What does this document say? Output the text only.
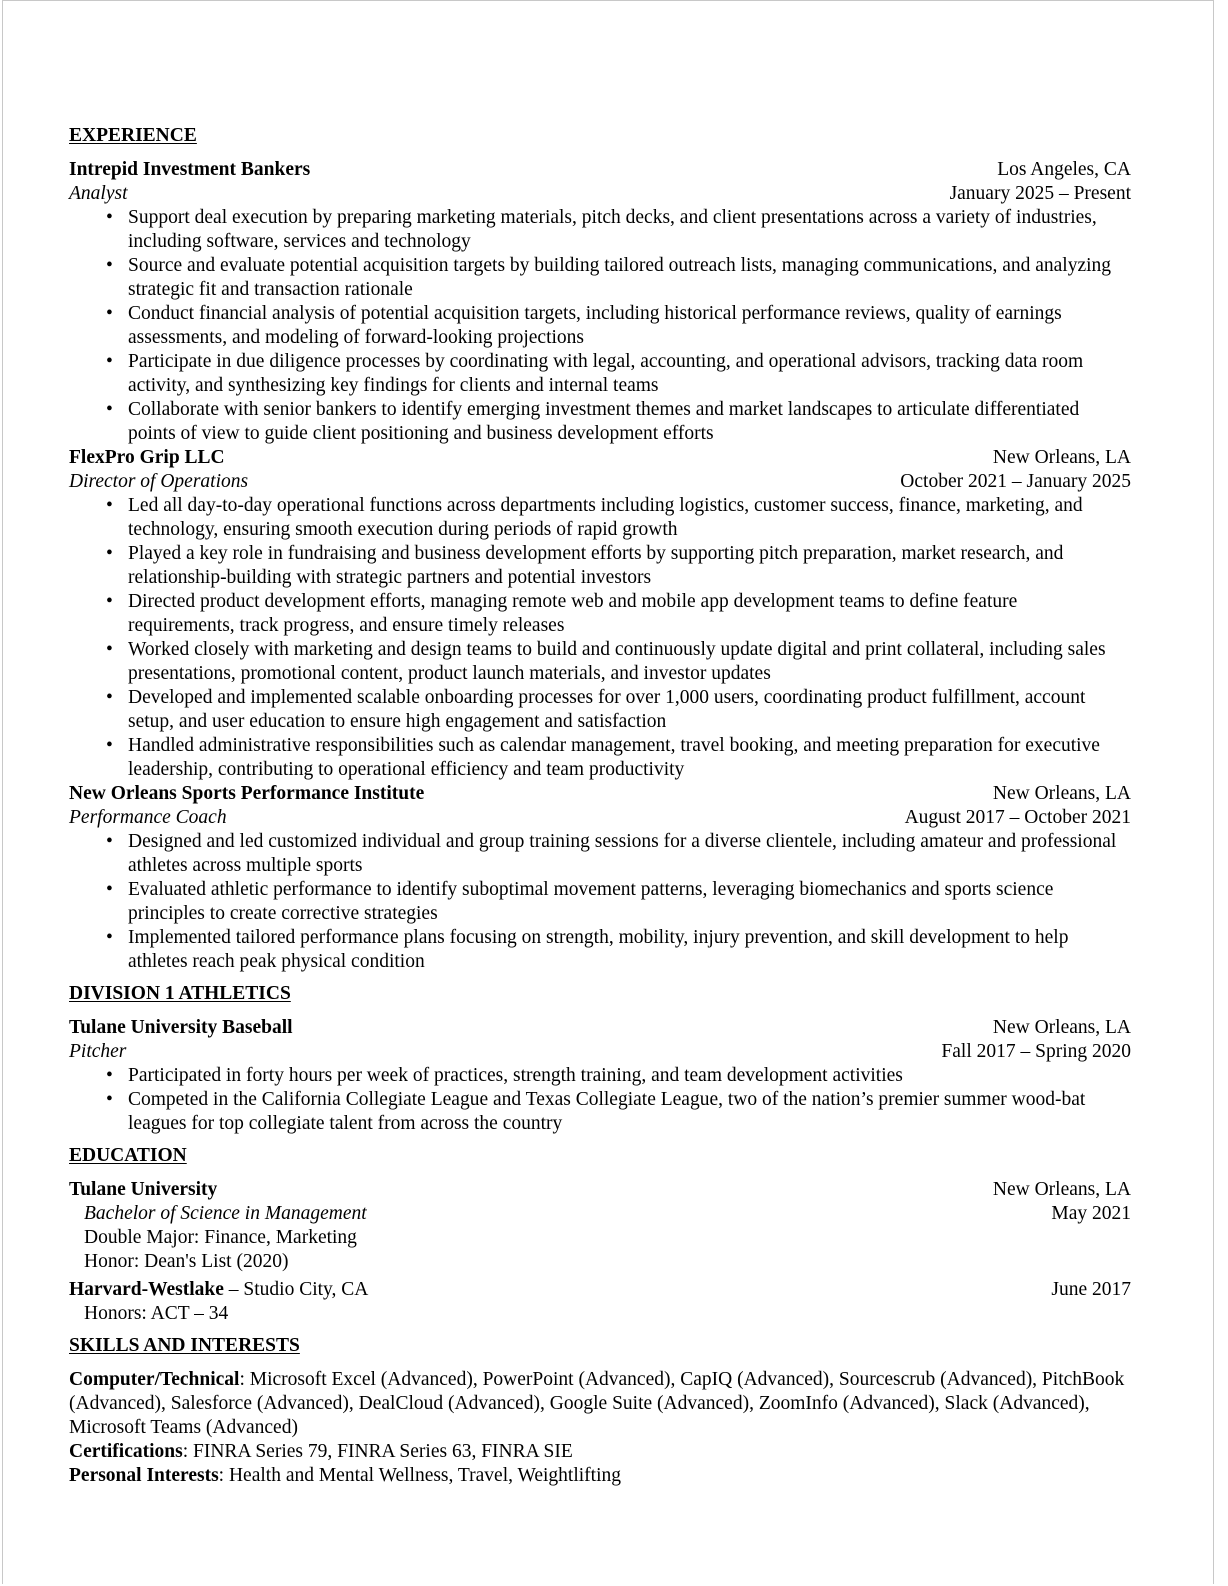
EXPERIENCE
Intrepid Investment Bankers	Los Angeles, CA
Analyst	January 2025 – Present
• Support deal execution by preparing marketing materials, pitch decks, and client presentations across a variety of industries, including software, services and technology
• Source and evaluate potential acquisition targets by building tailored outreach lists, managing communications, and analyzing strategic fit and transaction rationale
• Conduct financial analysis of potential acquisition targets, including historical performance reviews, quality of earnings assessments, and modeling of forward-looking projections
• Participate in due diligence processes by coordinating with legal, accounting, and operational advisors, tracking data room activity, and synthesizing key findings for clients and internal teams
• Collaborate with senior bankers to identify emerging investment themes and market landscapes to articulate differentiated points of view to guide client positioning and business development efforts
FlexPro Grip LLC	New Orleans, LA
Director of Operations	October 2021 – January 2025
• Led all day-to-day operational functions across departments including logistics, customer success, finance, marketing, and technology, ensuring smooth execution during periods of rapid growth
• Played a key role in fundraising and business development efforts by supporting pitch preparation, market research, and relationship-building with strategic partners and potential investors
• Directed product development efforts, managing remote web and mobile app development teams to define feature requirements, track progress, and ensure timely releases
• Worked closely with marketing and design teams to build and continuously update digital and print collateral, including sales presentations, promotional content, product launch materials, and investor updates
• Developed and implemented scalable onboarding processes for over 1,000 users, coordinating product fulfillment, account setup, and user education to ensure high engagement and satisfaction
• Handled administrative responsibilities such as calendar management, travel booking, and meeting preparation for executive leadership, contributing to operational efficiency and team productivity
New Orleans Sports Performance Institute	New Orleans, LA
Performance Coach	August 2017 – October 2021
• Designed and led customized individual and group training sessions for a diverse clientele, including amateur and professional athletes across multiple sports
• Evaluated athletic performance to identify suboptimal movement patterns, leveraging biomechanics and sports science principles to create corrective strategies
• Implemented tailored performance plans focusing on strength, mobility, injury prevention, and skill development to help athletes reach peak physical condition
DIVISION 1 ATHLETICS
Tulane University Baseball	New Orleans, LA
Pitcher	Fall 2017 – Spring 2020
• Participated in forty hours per week of practices, strength training, and team development activities
• Competed in the California Collegiate League and Texas Collegiate League, two of the nation’s premier summer wood-bat leagues for top collegiate talent from across the country
EDUCATION
Tulane University	New Orleans, LA
Bachelor of Science in Management	May 2021
Double Major: Finance, Marketing
Honor: Dean's List (2020)
Harvard-Westlake – Studio City, CA	June 2017
Honors: ACT – 34
SKILLS AND INTERESTS

Computer/Technical: Microsoft Excel (Advanced), PowerPoint (Advanced), CapIQ (Advanced), Sourcescrub (Advanced), PitchBook (Advanced), Salesforce (Advanced), DealCloud (Advanced), Google Suite (Advanced), ZoomInfo (Advanced), Slack (Advanced), Microsoft Teams (Advanced)

Certifications: FINRA Series 79, FINRA Series 63, FINRA SIE

Personal Interests: Health and Mental Wellness, Travel, Weightlifting
